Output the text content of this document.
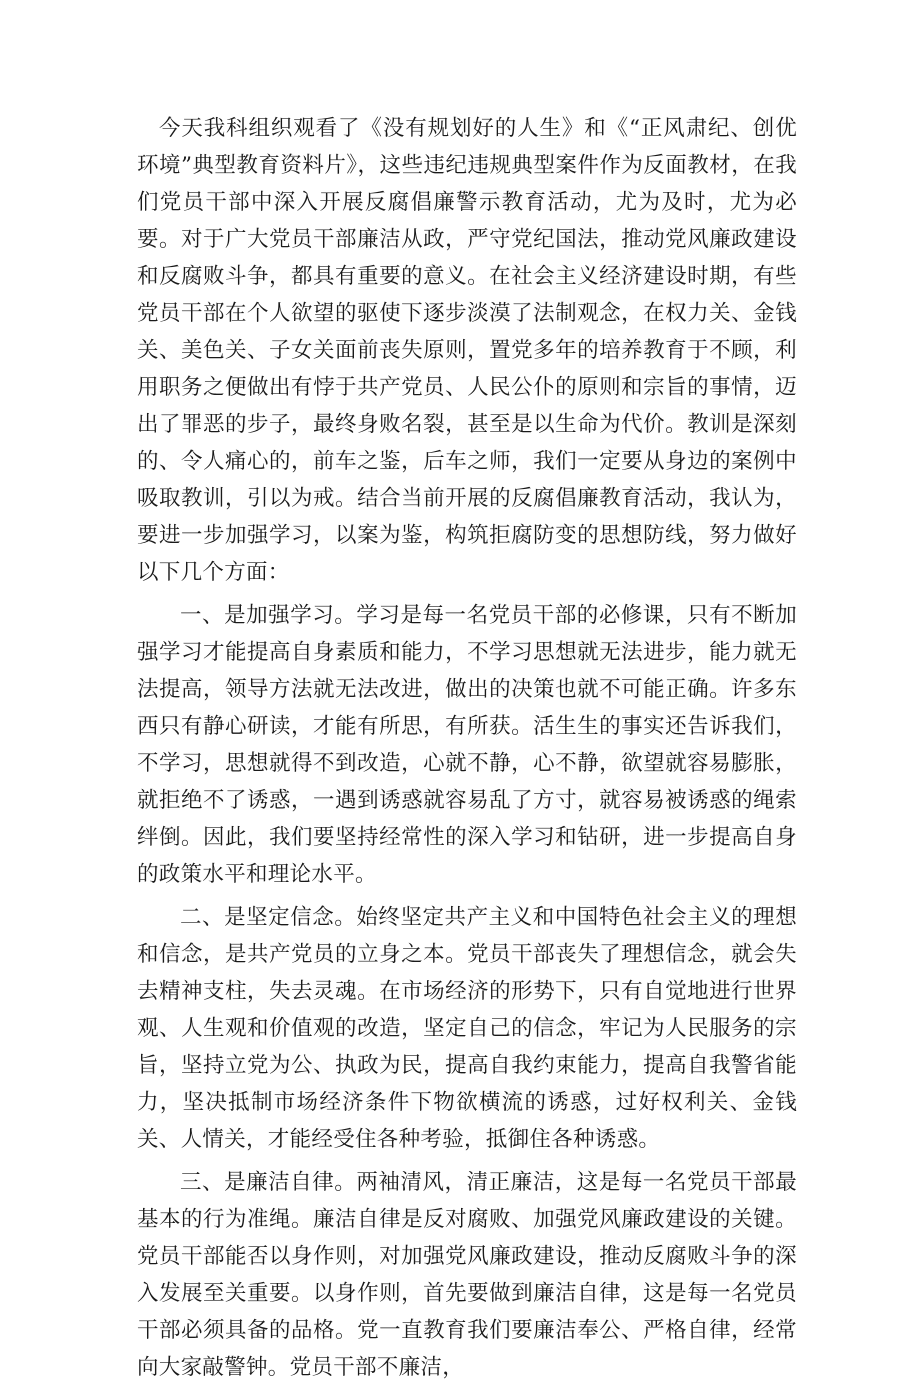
今天我科组织观看了《没有规划好的人生》和《“正风肃纪、创优环境”典型教育资料片》，这些违纪违规典型案件作为反面教材，在我们党员干部中深入开展反腐倡廉警示教育活动，尤为及时，尤为必要。对于广大党员干部廉洁从政，严守党纪国法，推动党风廉政建设和反腐败斗争，都具有重要的意义。在社会主义经济建设时期，有些党员干部在个人欲望的驱使下逐步淡漠了法制观念，在权力关、金钱关、美色关、子女关面前丧失原则，置党多年的培养教育于不顾，利用职务之便做出有悖于共产党员、人民公仆的原则和宗旨的事情，迈出了罪恶的步子，最终身败名裂，甚至是以生命为代价。教训是深刻的、令人痛心的，前车之鉴，后车之师，我们一定要从身边的案例中吸取教训，引以为戒。结合当前开展的反腐倡廉教育活动，我认为，要进一步加强学习，以案为鉴，构筑拒腐防变的思想防线，努力做好以下几个方面：

一、是加强学习。学习是每一名党员干部的必修课，只有不断加强学习才能提高自身素质和能力，不学习思想就无法进步，能力就无法提高，领导方法就无法改进，做出的决策也就不可能正确。许多东西只有静心研读，才能有所思，有所获。活生生的事实还告诉我们，不学习，思想就得不到改造，心就不静，心不静，欲望就容易膨胀，就拒绝不了诱惑，一遇到诱惑就容易乱了方寸，就容易被诱惑的绳索绊倒。因此，我们要坚持经常性的深入学习和钻研，进一步提高自身的政策水平和理论水平。

二、是坚定信念。始终坚定共产主义和中国特色社会主义的理想和信念，是共产党员的立身之本。党员干部丧失了理想信念，就会失去精神支柱，失去灵魂。在市场经济的形势下，只有自觉地进行世界观、人生观和价值观的改造，坚定自己的信念，牢记为人民服务的宗旨，坚持立党为公、执政为民，提高自我约束能力，提高自我警省能力，坚决抵制市场经济条件下物欲横流的诱惑，过好权利关、金钱关、人情关，才能经受住各种考验，抵御住各种诱惑。

三、是廉洁自律。两袖清风，清正廉洁，这是每一名党员干部最基本的行为准绳。廉洁自律是反对腐败、加强党风廉政建设的关键。党员干部能否以身作则，对加强党风廉政建设，推动反腐败斗争的深入发展至关重要。以身作则，首先要做到廉洁自律，这是每一名党员干部必须具备的品格。党一直教育我们要廉洁奉公、严格自律，经常向大家敲警钟。党员干部不廉洁，
